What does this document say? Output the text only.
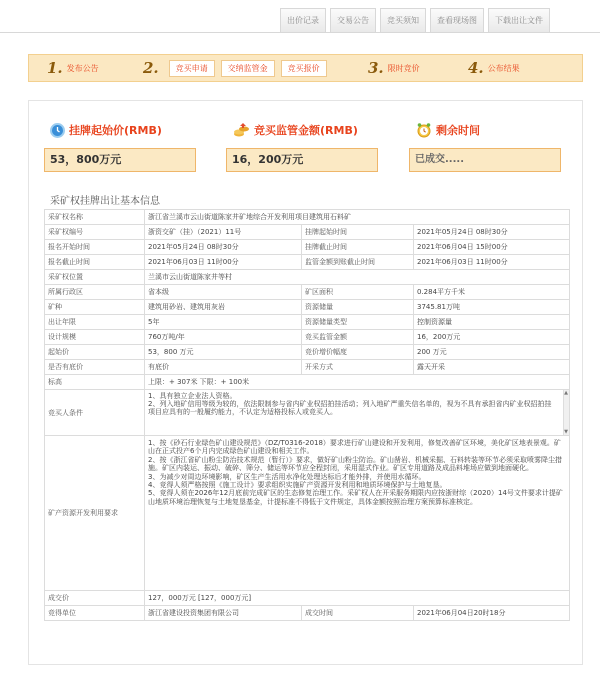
出价记录	交易公告	竞买须知	查看现场图	下载出让文件
1. 发布公告	2.	竞买申请	交纳监管金	竞买报价	3. 限时竞价	4. 公布结果
挂牌起始价(RMB)	竞买监管金额(RMB)	剩余时间
53，800万元	16，200万元	已成交.....
采矿权挂牌出让基本信息
采矿权名称	浙江省兰溪市云山街道陈家井矿地综合开发利用项目建筑用石料矿		
采矿权编号	浙资交矿（挂）（2021）11号	挂牌起始时间	2021年05月24日 08时30分
报名开始时间	2021年05月24日 08时30分	挂牌截止时间	2021年06月04日 15时00分
报名截止时间	2021年06月03日 11时00分	监管金额到账截止时间	2021年06月03日 11时00分
采矿权位置	兰溪市云山街道陈家井等村		
所属行政区	省本级	矿区面积	0.284平方千米
矿种	建筑用砂岩、建筑用灰岩	资源储量	3745.81万吨
出让年限	5年	资源储量类型	控制资源量
设计规模	760万吨/年	竞买监管金额	16，200万元
起始价	53，800 万元	竞价增价幅度	200 万元
是否有底价	有底价	开采方式	露天开采
标高	上限：+ 307米 下限：+ 100米		
竞买人条件	1、具有独立企业法人资格。
2、列入地矿信用等级为较的，依法限制参与省内矿业权招拍挂活动；列入地矿严重失信名单的，视为不具有承担省内矿业权招拍挂项目应具有的一般履约能力，不认定为适格投标人或竞买人。
▲
▼		

矿产资源开发利用要求	1、按《砂石行业绿色矿山建设规范》（DZ/T0316-2018）要求进行矿山建设和开发利用，修复改善矿区环境，美化矿区地表景观。矿山在正式投产6个月内完成绿色矿山建设和相关工作。
2、按《浙江省矿山粉尘防治技术规范（暂行）》要求，做好矿山粉尘防治。矿山凿岩、机械采掘、石料转装等环节必须采取喷雾降尘措施。矿区内装运、振动、破碎、筛分、储运等环节应全程封闭，采用湿式作业。矿区专用道路及成品料堆场应做到地面硬化。
3、为减少对周边环境影响，矿区生产生活用水净化处理达标后才能外排，并使用水循环。
4、竞得人须严格按照《施工设计》要求组织实施矿产资源开发利用和地质环境保护与土地复垦。
5、竞得人须在2026年12月底前完成矿区的生态修复治理工作。采矿权人在开采服务期限内应按浙财综（2020）14号文件要求计提矿山地质环境治理恢复与土地复垦基金，计提标准不得低于文件规定，具体金额按照治理方案预算标准核定。		

成交价	127，000万元 [127，000万元]		
竞得单位	浙江省建设投资集团有限公司	成交时间	2021年06月04日20时18分
